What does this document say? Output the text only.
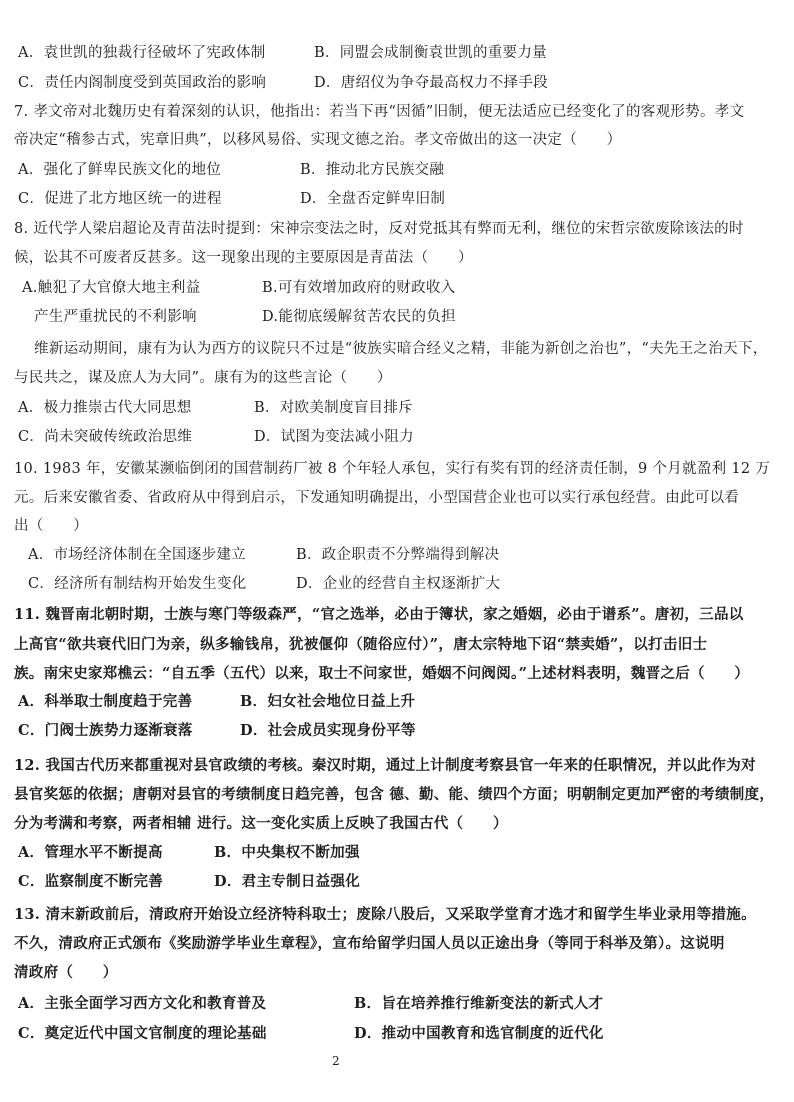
A．袁世凯的独裁行径破坏了宪政体制	B．同盟会成制衡袁世凯的重要力量
C．责任内阁制度受到英国政治的影响	D．唐绍仪为争夺最高权力不择手段
7. 孝文帝对北魏历史有着深刻的认识，他指出：若当下再“因循”旧制，便无法适应已经变化了的客观形势。孝文
帝决定“稽参古式，宪章旧典”，以移风易俗、实现文德之治。孝文帝做出的这一决定（　　）
A．强化了鲜卑民族文化的地位	B．推动北方民族交融
C．促进了北方地区统一的进程	D．全盘否定鲜卑旧制
8. 近代学人梁启超论及青苗法时提到：宋神宗变法之时，反对党抵其有弊而无利，继位的宋哲宗欲废除该法的时
候，讼其不可废者反甚多。这一现象出现的主要原因是青苗法（　　）
A.触犯了大官僚大地主利益	B.可有效增加政府的财政收入
产生严重扰民的不利影响	D.能彻底缓解贫苦农民的负担
维新运动期间，康有为认为西方的议院只不过是“彼族实暗合经义之精，非能为新创之治也”，“夫先王之治天下，
与民共之，谋及庶人为大同”。康有为的这些言论（　　）
A．极力推崇古代大同思想	B．对欧美制度盲目排斥
C．尚未突破传统政治思维	D．试图为变法减小阻力
10. 1983 年，安徽某濒临倒闭的国营制药厂被 8 个年轻人承包，实行有奖有罚的经济责任制，9 个月就盈利 12 万
元。后来安徽省委、省政府从中得到启示，下发通知明确提出，小型国营企业也可以实行承包经营。由此可以看
出（　　）
A．市场经济体制在全国逐步建立	B．政企职责不分弊端得到解决
C．经济所有制结构开始发生变化	D．企业的经营自主权逐渐扩大
11. 魏晋南北朝时期，士族与寒门等级森严，“官之选举，必由于簿状，家之婚姻，必由于谱系”。唐初，三品以
上高官“欲共衰代旧门为亲，纵多输钱帛，犹被偃仰（随俗应付）”，唐太宗特地下诏“禁卖婚”，以打击旧士
族。南宋史家郑樵云：“自五季（五代）以来，取士不问家世，婚姻不问阀阅。”上述材料表明，魏晋之后（　　）
A．科举取士制度趋于完善	B．妇女社会地位日益上升
C．门阀士族势力逐渐衰落	D．社会成员实现身份平等
12. 我国古代历来都重视对县官政绩的考核。秦汉时期，通过上计制度考察县官一年来的任职情况，并以此作为对
县官奖惩的依据；唐朝对县官的考绩制度日趋完善，包含 德、勤、能、绩四个方面；明朝制定更加严密的考绩制度，
分为考满和考察，两者相辅 进行。这一变化实质上反映了我国古代（　　）
A．管理水平不断提高	B．中央集权不断加强
C．监察制度不断完善	D．君主专制日益强化
13. 清末新政前后，清政府开始设立经济特科取士；废除八股后，又采取学堂育才选才和留学生毕业录用等措施。
不久，清政府正式颁布《奖励游学毕业生章程》，宣布给留学归国人员以正途出身（等同于科举及第）。这说明
清政府（　　）
A．主张全面学习西方文化和教育普及	B．旨在培养推行维新变法的新式人才
C．奠定近代中国文官制度的理论基础	D．推动中国教育和选官制度的近代化
2
